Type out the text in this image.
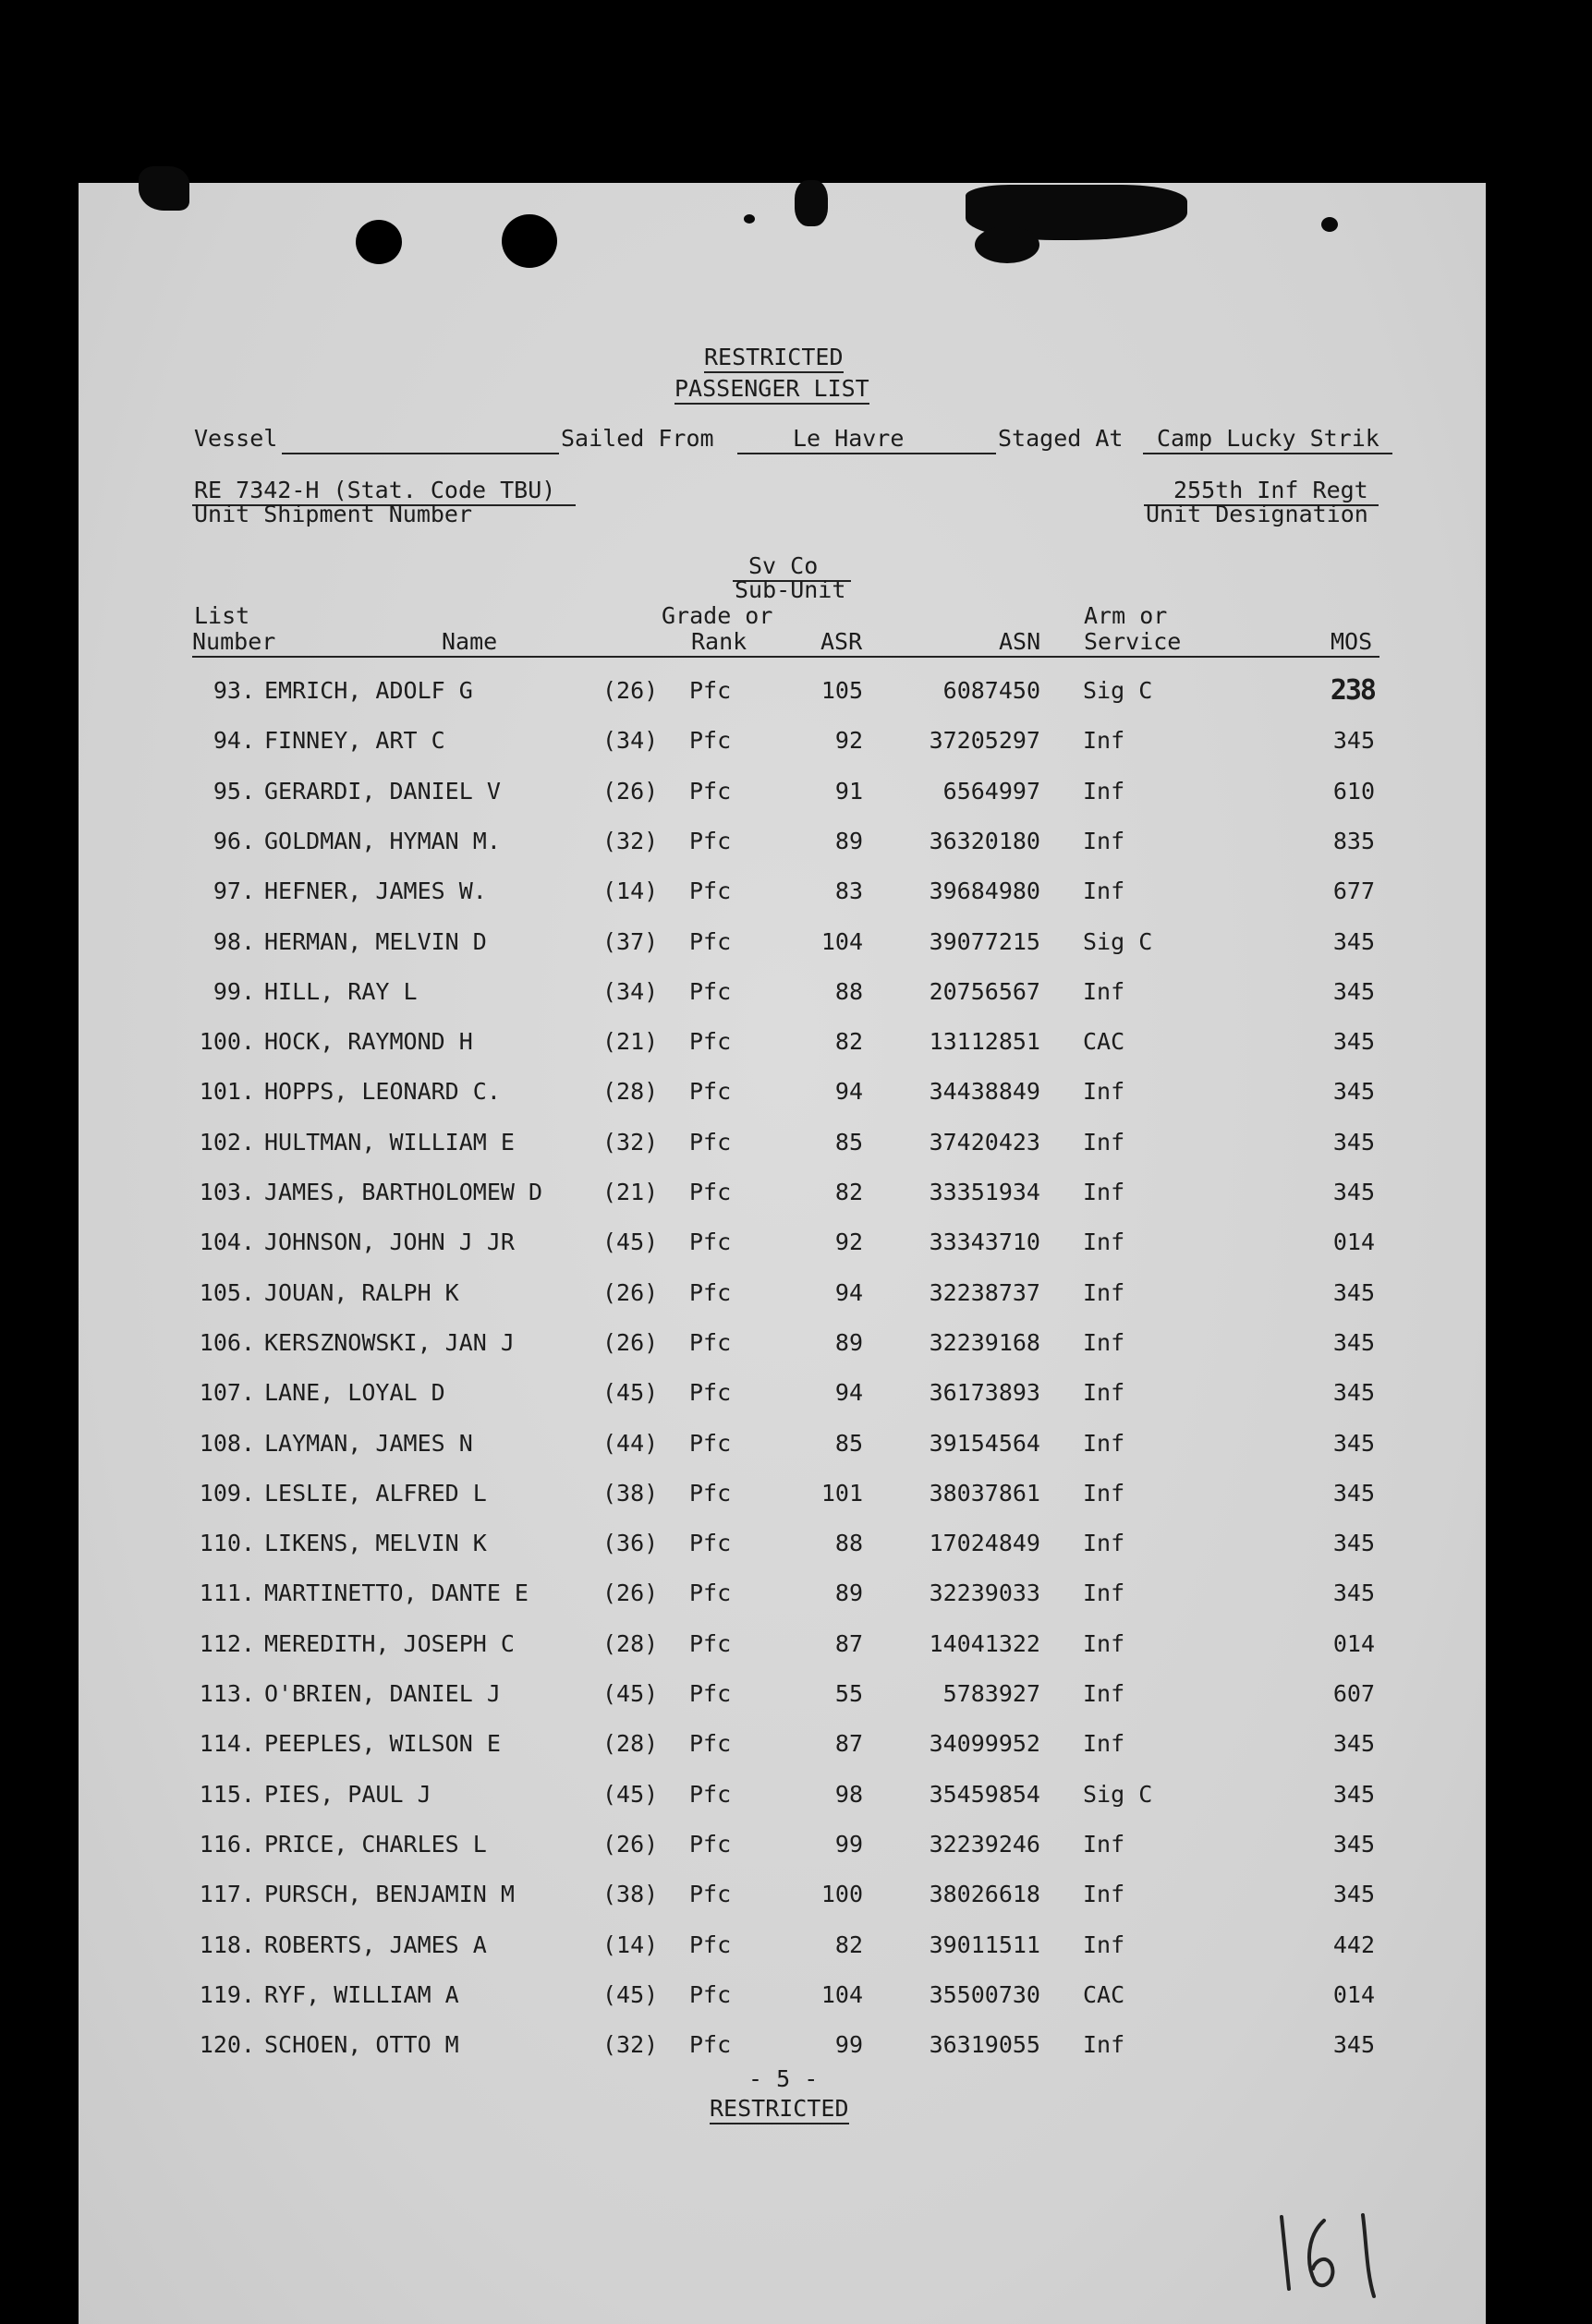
RESTRICTED
PASSENGER LIST
Vessel	Sailed From	Le Havre	Staged At Camp Lucky Strik
RE 7342-H (Stat. Code TBU)
Unit Shipment Number
255th Inf Regt
Unit Designation
Sv Co
Sub-Unit
List
Number	Name
Grade or
Rank	ASR	ASN
Arm or
Service	MOS
93. EMRICH, ADOLF G	(26) Pfc	105	6087450 Sig C	238
94. FINNEY, ART C	(34) Pfc	92	37205297 Inf	345
95. GERARDI, DANIEL V	(26) Pfc	91	6564997 Inf	610
96. GOLDMAN, HYMAN M.	(32) Pfc	89	36320180 Inf	835
97. HEFNER, JAMES W.	(14) Pfc	83	39684980 Inf	677
98. HERMAN, MELVIN D	(37) Pfc	104	39077215 Sig C	345
99. HILL, RAY L	(34) Pfc	88	20756567 Inf	345
100. HOCK, RAYMOND H	(21) Pfc	82	13112851 CAC	345
101. HOPPS, LEONARD C.	(28) Pfc	94	34438849 Inf	345
102. HULTMAN, WILLIAM E	(32) Pfc	85	37420423 Inf	345
103. JAMES, BARTHOLOMEW D	(21) Pfc	82	33351934 Inf	345
104. JOHNSON, JOHN J JR	(45) Pfc	92	33343710 Inf	014
105. JOUAN, RALPH K	(26) Pfc	94	32238737 Inf	345
106. KERSZNOWSKI, JAN J	(26) Pfc	89	32239168 Inf	345
107. LANE, LOYAL D	(45) Pfc	94	36173893 Inf	345
108. LAYMAN, JAMES N	(44) Pfc	85	39154564 Inf	345
109. LESLIE, ALFRED L	(38) Pfc	101	38037861 Inf	345
110. LIKENS, MELVIN K	(36) Pfc	88	17024849 Inf	345
111. MARTINETTO, DANTE E	(26) Pfc	89	32239033 Inf	345
112. MEREDITH, JOSEPH C	(28) Pfc	87	14041322 Inf	014
113. O'BRIEN, DANIEL J	(45) Pfc	55	5783927 Inf	607
114. PEEPLES, WILSON E	(28) Pfc	87	34099952 Inf	345
115. PIES, PAUL J	(45) Pfc	98	35459854 Sig C	345
116. PRICE, CHARLES L	(26) Pfc	99	32239246 Inf	345
117. PURSCH, BENJAMIN M	(38) Pfc	100	38026618 Inf	345
118. ROBERTS, JAMES A	(14) Pfc	82	39011511 Inf	442
119. RYF, WILLIAM A	(45) Pfc	104	35500730 CAC	014
120. SCHOEN, OTTO M	(32) Pfc	99	36319055 Inf	345
- 5 -
RESTRICTED
